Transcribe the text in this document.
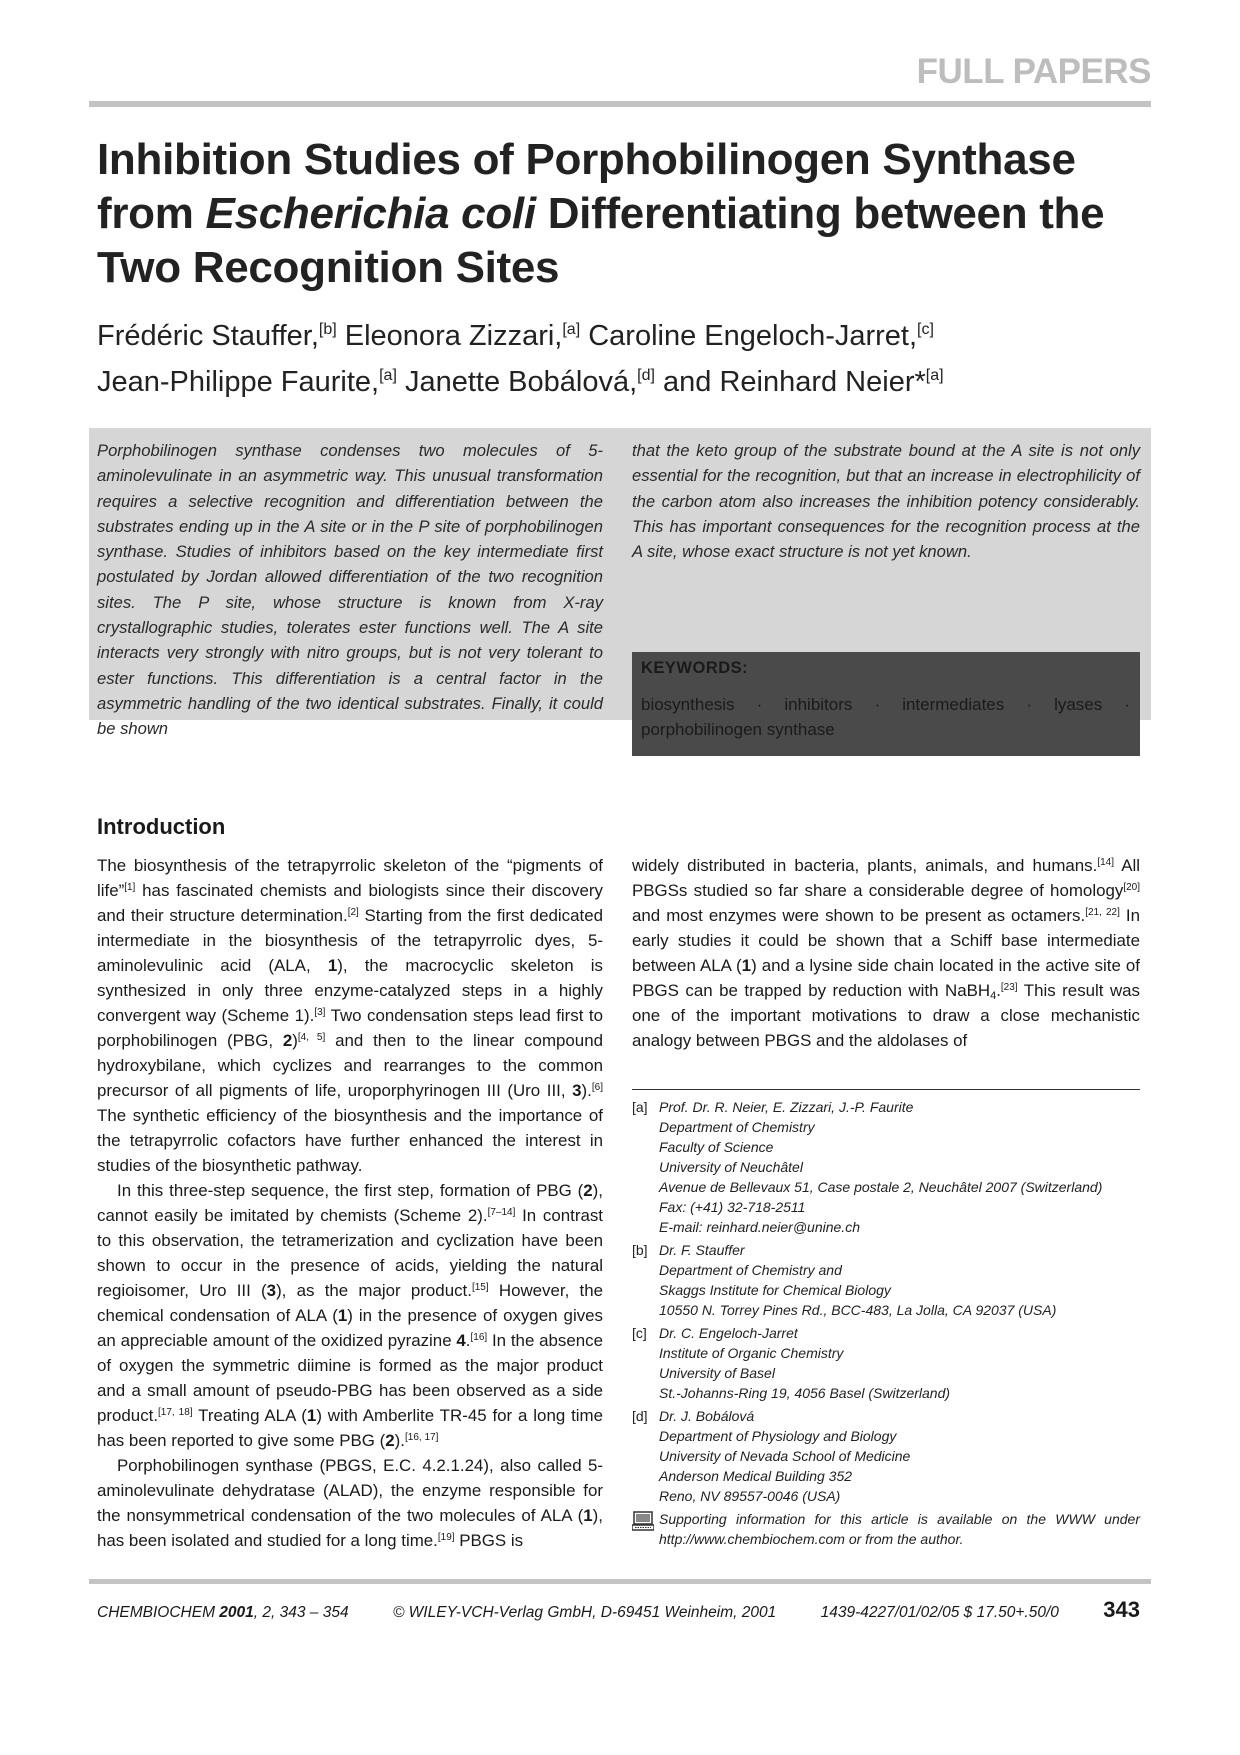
FULL PAPERS
Inhibition Studies of Porphobilinogen Synthase
from Escherichia coli Differentiating between the
Two Recognition Sites
Frédéric Stauffer,[b] Eleonora Zizzari,[a] Caroline Engeloch-Jarret,[c]
Jean-Philippe Faurite,[a] Janette Bobálová,[d] and Reinhard Neier*[a]
Porphobilinogen synthase condenses two molecules of 5-aminolevulinate in an asymmetric way. This unusual transformation requires a selective recognition and differentiation between the substrates ending up in the A site or in the P site of porphobilinogen synthase. Studies of inhibitors based on the key intermediate first postulated by Jordan allowed differentiation of the two recognition sites. The P site, whose structure is known from X-ray crystallographic studies, tolerates ester functions well. The A site interacts very strongly with nitro groups, but is not very tolerant to ester functions. This differentiation is a central factor in the asymmetric handling of the two identical substrates. Finally, it could be shown
that the keto group of the substrate bound at the A site is not only essential for the recognition, but that an increase in electrophilicity of the carbon atom also increases the inhibition potency considerably. This has important consequences for the recognition process at the A site, whose exact structure is not yet known.
KEYWORDS:
biosynthesis · inhibitors · intermediates · lyases ·
porphobilinogen synthase
Introduction

The biosynthesis of the tetrapyrrolic skeleton of the “pigments of life”[1] has fascinated chemists and biologists since their discovery and their structure determination.[2] Starting from the first dedicated intermediate in the biosynthesis of the tetrapyrrolic dyes, 5-aminolevulinic acid (ALA, 1), the macrocyclic skeleton is synthesized in only three enzyme-catalyzed steps in a highly convergent way (Scheme 1).[3] Two condensation steps lead first to porphobilinogen (PBG, 2)[4, 5] and then to the linear compound hydroxybilane, which cyclizes and rearranges to the common precursor of all pigments of life, uroporphyrinogen III (Uro III, 3).[6] The synthetic efficiency of the biosynthesis and the importance of the tetrapyrrolic cofactors have further enhanced the interest in studies of the biosynthetic pathway.

In this three-step sequence, the first step, formation of PBG (2), cannot easily be imitated by chemists (Scheme 2).[7–14] In contrast to this observation, the tetramerization and cyclization have been shown to occur in the presence of acids, yielding the natural regioisomer, Uro III (3), as the major product.[15] However, the chemical condensation of ALA (1) in the presence of oxygen gives an appreciable amount of the oxidized pyrazine 4.[16] In the absence of oxygen the symmetric diimine is formed as the major product and a small amount of pseudo-PBG has been observed as a side product.[17, 18] Treating ALA (1) with Amberlite TR-45 for a long time has been reported to give some PBG (2).[16, 17]

Porphobilinogen synthase (PBGS, E.C. 4.2.1.24), also called 5-aminolevulinate dehydratase (ALAD), the enzyme responsible for the nonsymmetrical condensation of the two molecules of ALA (1), has been isolated and studied for a long time.[19] PBGS is

widely distributed in bacteria, plants, animals, and humans.[14] All PBGSs studied so far share a considerable degree of homology[20] and most enzymes were shown to be present as octamers.[21, 22] In early studies it could be shown that a Schiff base intermediate between ALA (1) and a lysine side chain located in the active site of PBGS can be trapped by reduction with NaBH$_4$.[23] This result was one of the important motivations to draw a close mechanistic analogy between PBGS and the aldolases of

[a] Prof. Dr. R. Neier, E. Zizzari, J.-P. Faurite
Department of Chemistry
Faculty of Science
University of Neuchâtel
Avenue de Bellevaux 51, Case postale 2, Neuchâtel 2007 (Switzerland)
Fax: (+41) 32-718-2511
E-mail: reinhard.neier@unine.ch
[b] Dr. F. Stauffer
Department of Chemistry and
Skaggs Institute for Chemical Biology
10550 N. Torrey Pines Rd., BCC-483, La Jolla, CA 92037 (USA)
[c] Dr. C. Engeloch-Jarret
Institute of Organic Chemistry
University of Basel
St.-Johanns-Ring 19, 4056 Basel (Switzerland)
[d] Dr. J. Bobálová
Department of Physiology and Biology
University of Nevada School of Medicine
Anderson Medical Building 352
Reno, NV 89557-0046 (USA)
Supporting information for this article is available on the WWW under http://www.chembiochem.com or from the author.
CHEMBIOCHEM 2001, 2, 343 – 354	© WILEY-VCH-Verlag GmbH, D-69451 Weinheim, 2001	1439-4227/01/02/05 $ 17.50+.50/0 343
